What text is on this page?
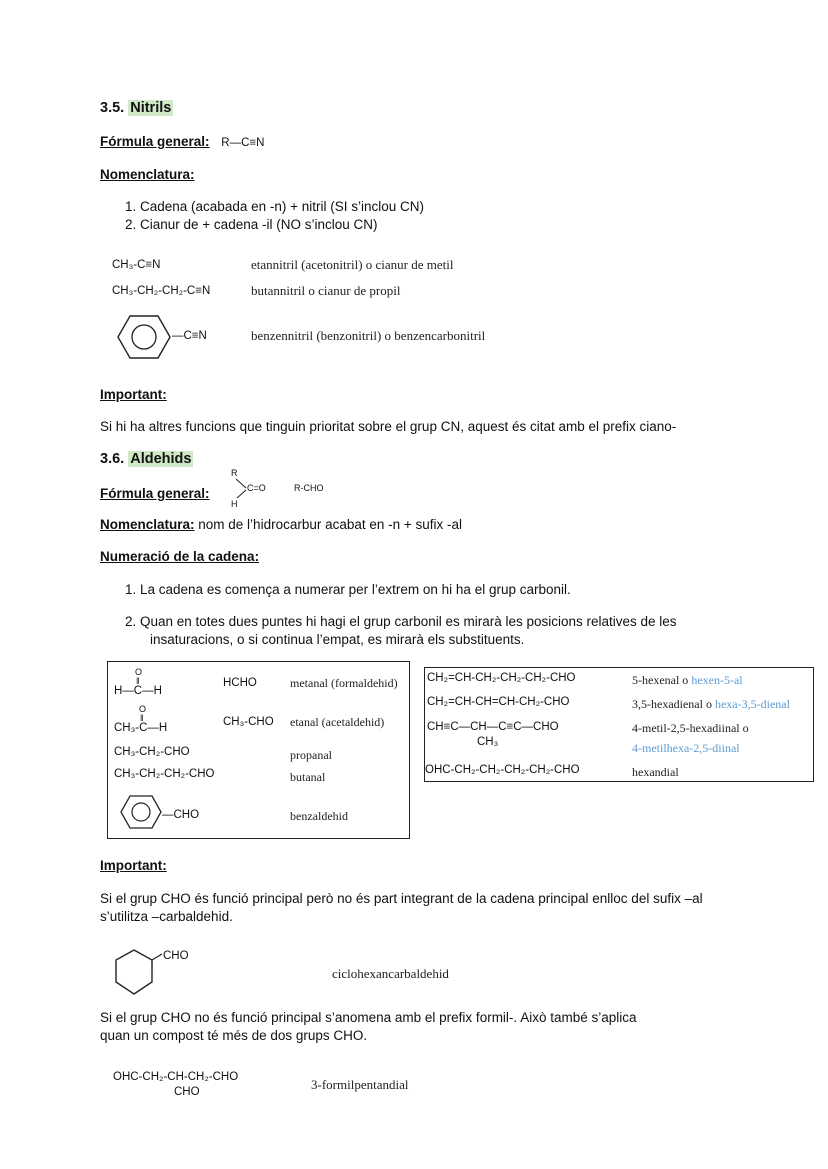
3.5. Nitrils
Fórmula general: R—C≡N
Nomenclatura:
1. Cadena (acabada en -n) + nitril (SI s’inclou CN)
2. Cianur de + cadena -il (NO s’inclou CN)
CH₃-C≡N	etannitril (acetonitril) o cianur de metil
CH₃-CH₂-CH₂-C≡N	butannitril o cianur de propil
—C≡N	benzennitril (benzonitril) o benzencarbonitril
Important:
Si hi ha altres funcions que tinguin prioritat sobre el grup CN, aquest és citat amb el prefix ciano-
3.6. Aldehids
Fórmula general:
R
C=O
H
R-CHO
Nomenclatura: nom de l’hidrocarbur acabat en -n + sufix -al
Numeració de la cadena:
1. La cadena es comença a numerar per l’extrem on hi ha el grup carbonil.
2. Quan en totes dues puntes hi hagi el grup carbonil es mirarà les posicions relatives de les
insaturacions, o si continua l’empat, es mirarà els substituents.
O
‖
H—C—H
HCHO	metanal (formaldehid)
O
‖
CH₃-C—H	CH₃-CHO etanal (acetaldehid)
CH₃-CH₂-CHO	propanal
CH₃-CH₂-CH₂-CHO	butanal
—CHO	benzaldehid
CH₂=CH-CH₂-CH₂-CH₂-CHO	5-hexenal o hexen-5-al
CH₂=CH-CH=CH-CH₂-CHO	3,5-hexadienal o hexa-3,5-dienal
CH≡C—CH—C≡C—CHO
CH₃
4-metil-2,5-hexadiinal o
4-metilhexa-2,5-diinal
OHC-CH₂-CH₂-CH₂-CH₂-CHO	hexandial
Important:
Si el grup CHO és funció principal però no és part integrant de la cadena principal enlloc del sufix –al
s’utilitza –carbaldehid.
CHO
ciclohexancarbaldehid
Si el grup CHO no és funció principal s’anomena amb el prefix formil-. Això també s’aplica
quan un compost té més de dos grups CHO.
OHC-CH₂-CH-CH₂-CHO
CHO	3-formilpentandial
